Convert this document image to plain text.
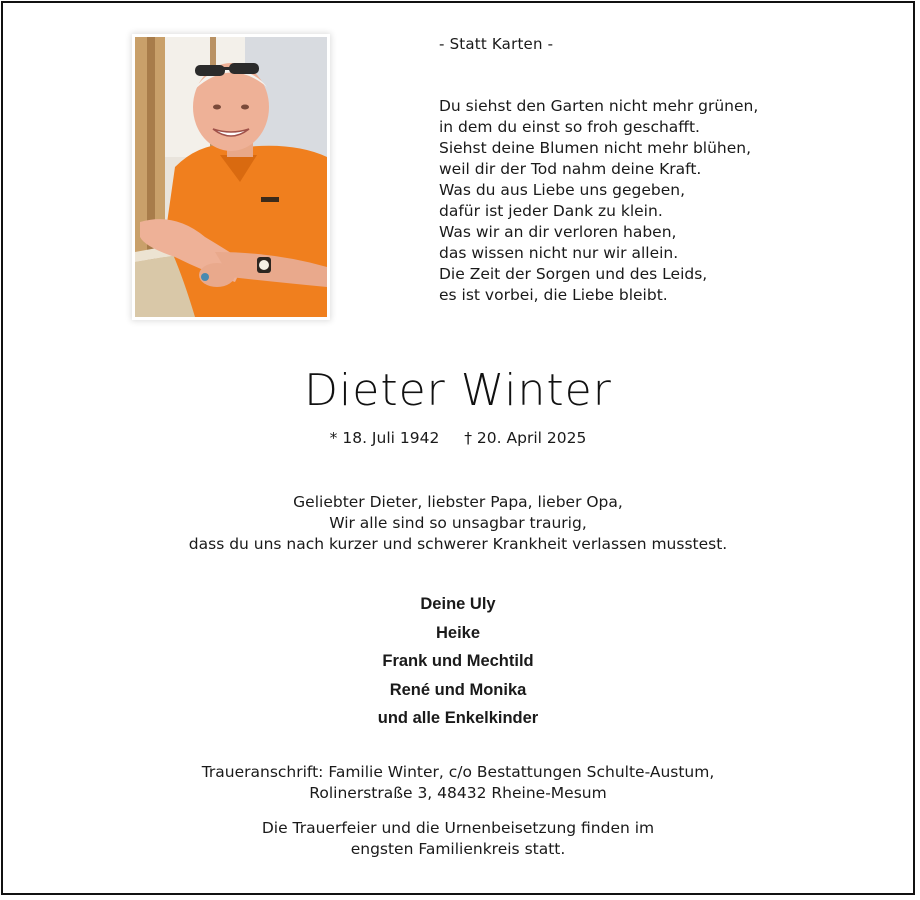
- Statt Karten -
Du siehst den Garten nicht mehr grünen,
in dem du einst so froh geschafft.
Siehst deine Blumen nicht mehr blühen,
weil dir der Tod nahm deine Kraft.
Was du aus Liebe uns gegeben,
dafür ist jeder Dank zu klein.
Was wir an dir verloren haben,
das wissen nicht nur wir allein.
Die Zeit der Sorgen und des Leids,
es ist vorbei, die Liebe bleibt.
Dieter Winter
* 18. Juli 1942 † 20. April 2025
Geliebter Dieter, liebster Papa, lieber Opa,
Wir alle sind so unsagbar traurig,
dass du uns nach kurzer und schwerer Krankheit verlassen musstest.
Deine Uly
Heike
Frank und Mechtild
René und Monika
und alle Enkelkinder
Traueranschrift: Familie Winter, c/o Bestattungen Schulte-Austum,
Rolinerstraße 3, 48432 Rheine-Mesum
Die Trauerfeier und die Urnenbeisetzung finden im
engsten Familienkreis statt.
